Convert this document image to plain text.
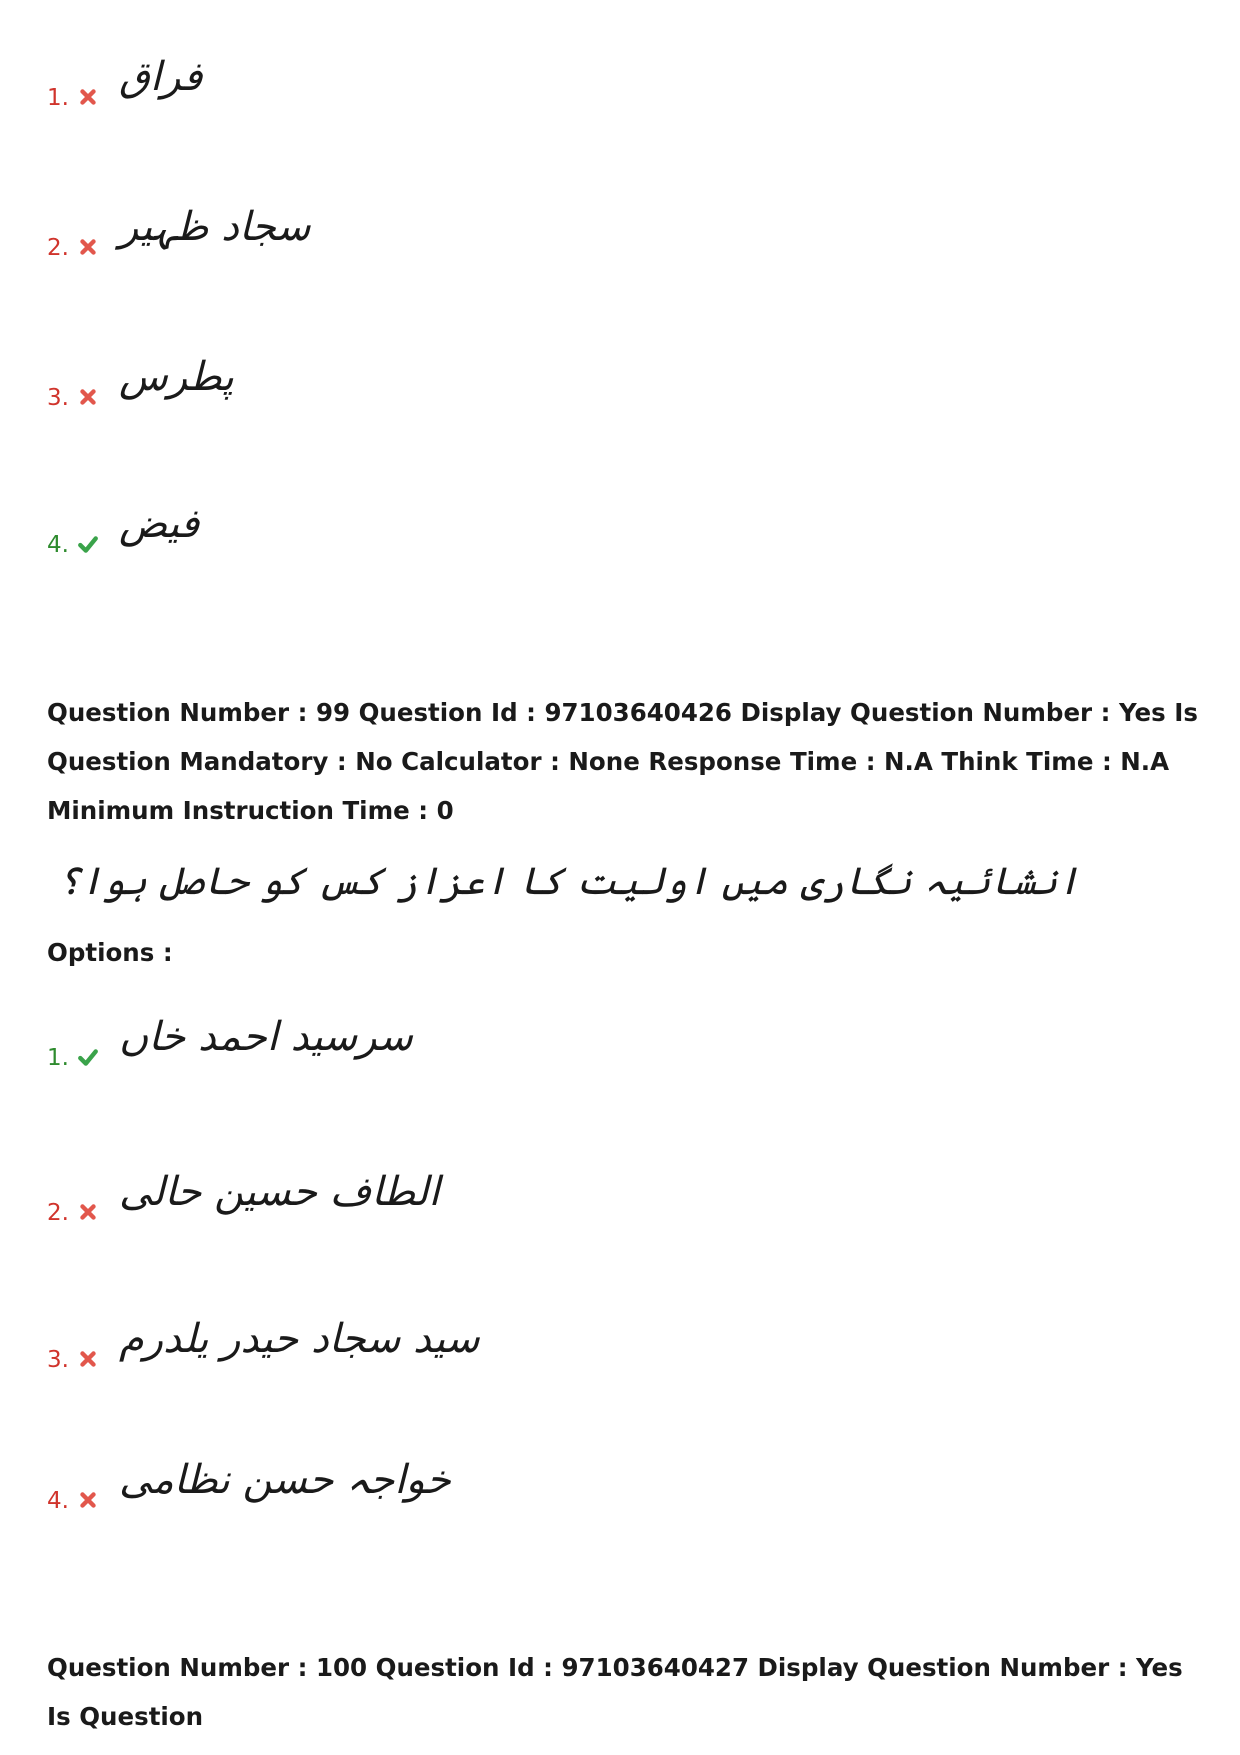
1. فراق
2. سجاد ظہیر
3. پطرس
4. فیض
Question Number : 99 Question Id : 97103640426 Display Question Number : Yes Is Question Mandatory : No Calculator : None Response Time : N.A Think Time : N.A Minimum Instruction Time : 0
انشائیہ نگاری میں اولیت کا اعزاز کس کو حاصل ہوا؟
Options :
1. سرسید احمد خاں
2. الطاف حسین حالی
3. سید سجاد حیدر یلدرم
4. خواجہ حسن نظامی
Question Number : 100 Question Id : 97103640427 Display Question Number : Yes Is Question
